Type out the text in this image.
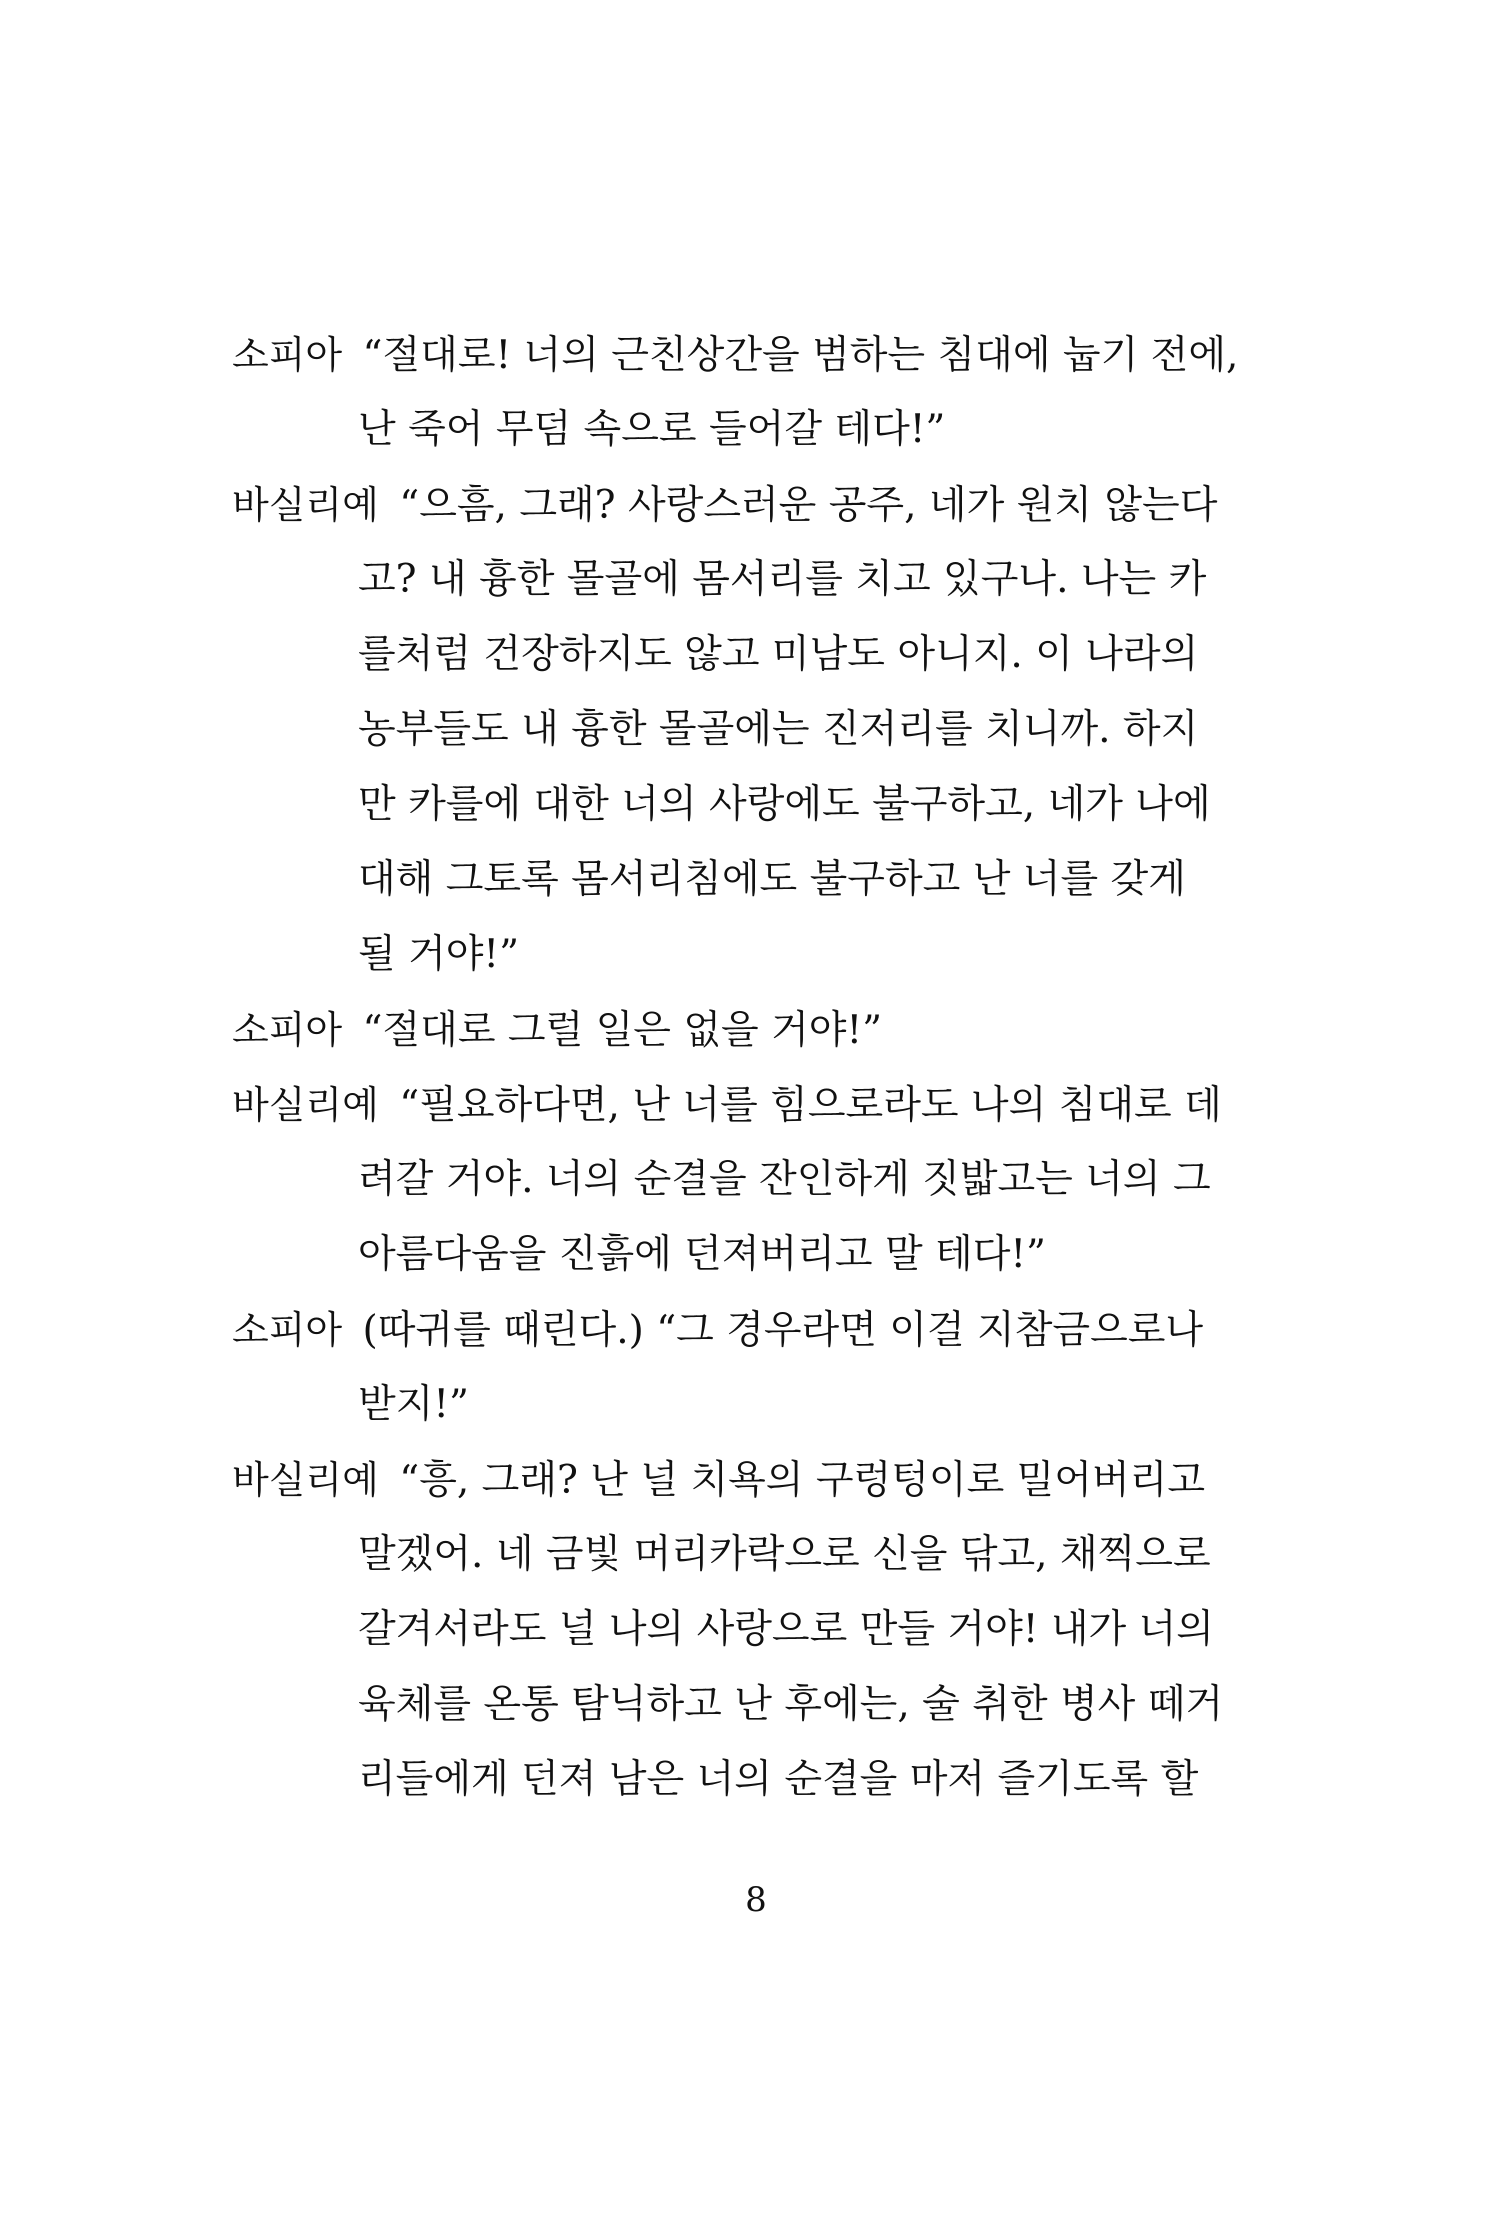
소피아 “절대로! 너의 근친상간을 범하는 침대에 눕기 전에,
난 죽어 무덤 속으로 들어갈 테다!”
바실리예 “으흠, 그래? 사랑스러운 공주, 네가 원치 않는다
고? 내 흉한 몰골에 몸서리를 치고 있구나. 나는 카
를처럼 건장하지도 않고 미남도 아니지. 이 나라의
농부들도 내 흉한 몰골에는 진저리를 치니까. 하지
만 카를에 대한 너의 사랑에도 불구하고, 네가 나에
대해 그토록 몸서리침에도 불구하고 난 너를 갖게
될 거야!”
소피아 “절대로 그럴 일은 없을 거야!”
바실리예 “필요하다면, 난 너를 힘으로라도 나의 침대로 데
려갈 거야. 너의 순결을 잔인하게 짓밟고는 너의 그
아름다움을 진흙에 던져버리고 말 테다!”
소피아 (따귀를 때린다.) “그 경우라면 이걸 지참금으로나
받지!”
바실리예 “흥, 그래? 난 널 치욕의 구렁텅이로 밀어버리고
말겠어. 네 금빛 머리카락으로 신을 닦고, 채찍으로
갈겨서라도 널 나의 사랑으로 만들 거야! 내가 너의
육체를 온통 탐닉하고 난 후에는, 술 취한 병사 떼거
리들에게 던져 남은 너의 순결을 마저 즐기도록 할
8
